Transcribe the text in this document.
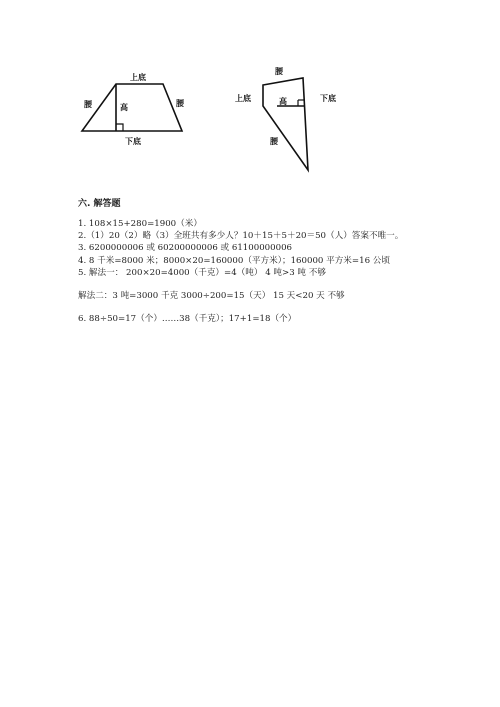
上底
腰	腰
高
下底
腰
上底	下底
高
腰
六. 解答题
1. 108×15+280=1900（米）
2.（1）20（2）略（3）全班共有多少人？10＋15＋5＋20＝50（人）答案不唯一。
3. 6200000006 或 60200000006 或 61100000006
4. 8 千米=8000 米；8000×20=160000（平方米）；160000 平方米=16 公顷
5. 解法一： 200×20=4000（千克）=4（吨） 4 吨>3 吨 不够
解法二：3 吨=3000 千克 3000÷200=15（天） 15 天<20 天 不够
6. 88÷50=17（个）……38（千克）；17+1=18（个）
